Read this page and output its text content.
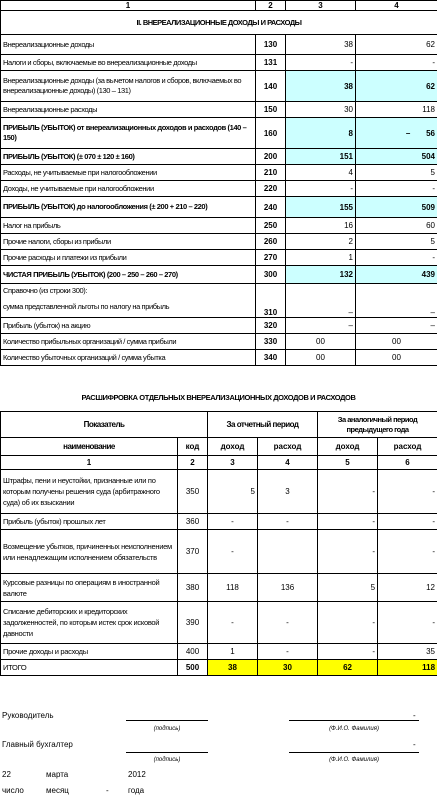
1	2	3	4
II. ВНЕРЕАЛИЗАЦИОННЫЕ ДОХОДЫ И РАСХОДЫ			
Внереализационные доходы	130	38	62
Налоги и сборы, включаемые во внереализационные доходы	131	-	-
Внереализационные доходы (за вычетом налогов и сборов, включаемых во внереализационные доходы) (130 – 131)	140	38	62
Внереализационные расходы	150	30	118
ПРИБЫЛЬ (УБЫТОК) от внереализационных доходов и расходов (140 – 150)	160	8	– 56
ПРИБЫЛЬ (УБЫТОК) (± 070 ± 120 ± 160)	200	151	504
Расходы, не учитываемые при налогообложении	210	4	5
Доходы, не учитываемые при налогообложении	220	-	-
ПРИБЫЛЬ (УБЫТОК) до налогообложения (± 200 + 210 – 220)	240	155	509
Налог на прибыль	250	16	60
Прочие налоги, сборы из прибыли	260	2	5
Прочие расходы и платежи из прибыли	270	1	-
ЧИСТАЯ ПРИБЫЛЬ (УБЫТОК) (200 – 250 – 260 – 270)	300	132	439

Справочно (из строки 300):
сумма представленной льготы по налогу на прибыль	310	–	–
Прибыль (убыток) на акцию	320	–	–
Количество прибыльных организаций / сумма прибыли	330	00	00
Количество убыточных организаций / сумма убытка	340	00	00
РАСШИФРОВКА ОТДЕЛЬНЫХ ВНЕРЕАЛИЗАЦИОННЫХ ДОХОДОВ И РАСХОДОВ
Показатель		За отчетный период		За аналогичный период предыдущего года	
наименование	код	доход	расход	доход	расход
1	2	3	4	5	6
Штрафы, пени и неустойки, признанные или по которым получены решения суда (арбитражного суда) об их взыскании	350	5	3	-	-
Прибыль (убыток) прошлых лет	360	-	-	-	-
Возмещение убытков, причиненных неисполнением или ненадлежащим исполнением обязательств	370	-		-	-
Курсовые разницы по операциям в иностранной валюте	380	118	136	5	12
Списание дебиторских и кредиторских задолженностей, по которым истек срок исковой давности	390	-	-	-	-
Прочие доходы и расходы	400	1	-	-	35
ИТОГО	500	38	30	62	118
Руководитель	-
(подпись)	(Ф.И.О. Фамилия)
Главный бухгалтер	-
(подпись)	(Ф.И.О. Фамилия)
22	марта	2012
число	месяц	- года
